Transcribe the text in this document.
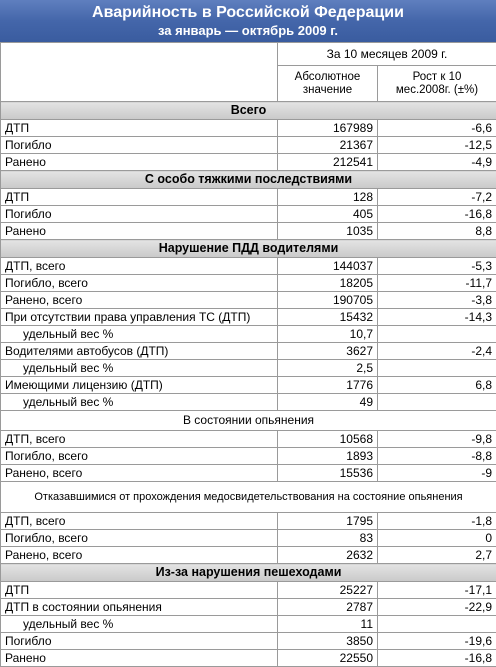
Аварийность в Российской Федерации
за январь — октябрь 2009 г.
	За 10 месяцев 2009 г.	
	Абсолютное
значение	Рост к 10
мес.2008г. (±%)
Всего		
ДТП	167989	-6,6
Погибло	21367	-12,5
Ранено	212541	-4,9
С особо тяжкими последствиями		
ДТП	128	-7,2
Погибло	405	-16,8
Ранено	1035	8,8
Нарушение ПДД водителями		
ДТП, всего	144037	-5,3
Погибло, всего	18205	-11,7
Ранено, всего	190705	-3,8
При отсутствии права управления ТС (ДТП)	15432	-14,3
удельный вес %	10,7	
Водителями автобусов (ДТП)	3627	-2,4
удельный вес %	2,5	
Имеющими лицензию (ДТП)	1776	6,8
удельный вес %	49	
В состоянии опьянения		
ДТП, всего	10568	-9,8
Погибло, всего	1893	-8,8
Ранено, всего	15536	-9
Отказавшимися от прохождения медосвидетельствования на состояние опьянения		
ДТП, всего	1795	-1,8
Погибло, всего	83	0
Ранено, всего	2632	2,7
Из-за нарушения пешеходами		
ДТП	25227	-17,1
ДТП в состоянии опьянения	2787	-22,9
удельный вес %	11	
Погибло	3850	-19,6
Ранено	22550	-16,8
